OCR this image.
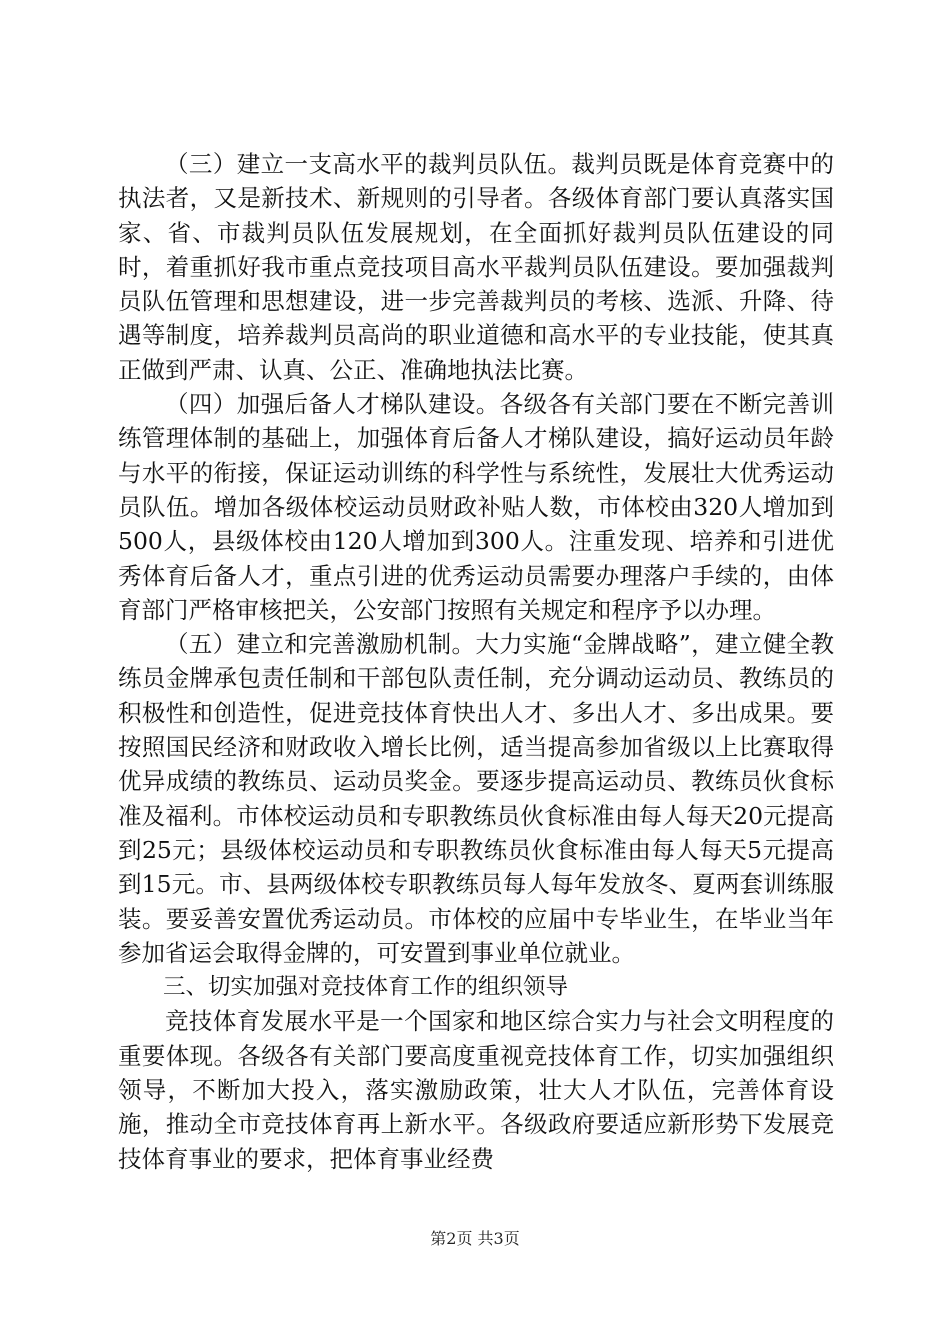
（三）建立一支高水平的裁判员队伍。裁判员既是体育竞赛中的执法者，又是新技术、新规则的引导者。各级体育部门要认真落实国家、省、市裁判员队伍发展规划，在全面抓好裁判员队伍建设的同时，着重抓好我市重点竞技项目高水平裁判员队伍建设。要加强裁判员队伍管理和思想建设，进一步完善裁判员的考核、选派、升降、待遇等制度，培养裁判员高尚的职业道德和高水平的专业技能，使其真正做到严肃、认真、公正、准确地执法比赛。

（四）加强后备人才梯队建设。各级各有关部门要在不断完善训练管理体制的基础上，加强体育后备人才梯队建设，搞好运动员年龄与水平的衔接，保证运动训练的科学性与系统性，发展壮大优秀运动员队伍。增加各级体校运动员财政补贴人数，市体校由320人增加到500人，县级体校由120人增加到300人。注重发现、培养和引进优秀体育后备人才，重点引进的优秀运动员需要办理落户手续的，由体育部门严格审核把关，公安部门按照有关规定和程序予以办理。

（五）建立和完善激励机制。大力实施“金牌战略”，建立健全教练员金牌承包责任制和干部包队责任制，充分调动运动员、教练员的积极性和创造性，促进竞技体育快出人才、多出人才、多出成果。要按照国民经济和财政收入增长比例，适当提高参加省级以上比赛取得优异成绩的教练员、运动员奖金。要逐步提高运动员、教练员伙食标准及福利。市体校运动员和专职教练员伙食标准由每人每天20元提高到25元；县级体校运动员和专职教练员伙食标准由每人每天5元提高到15元。市、县两级体校专职教练员每人每年发放冬、夏两套训练服装。要妥善安置优秀运动员。市体校的应届中专毕业生，在毕业当年参加省运会取得金牌的，可安置到事业单位就业。

三、切实加强对竞技体育工作的组织领导

竞技体育发展水平是一个国家和地区综合实力与社会文明程度的重要体现。各级各有关部门要高度重视竞技体育工作，切实加强组织领导，不断加大投入，落实激励政策，壮大人才队伍，完善体育设施，推动全市竞技体育再上新水平。各级政府要适应新形势下发展竞技体育事业的要求，把体育事业经费

第2页 共3页
